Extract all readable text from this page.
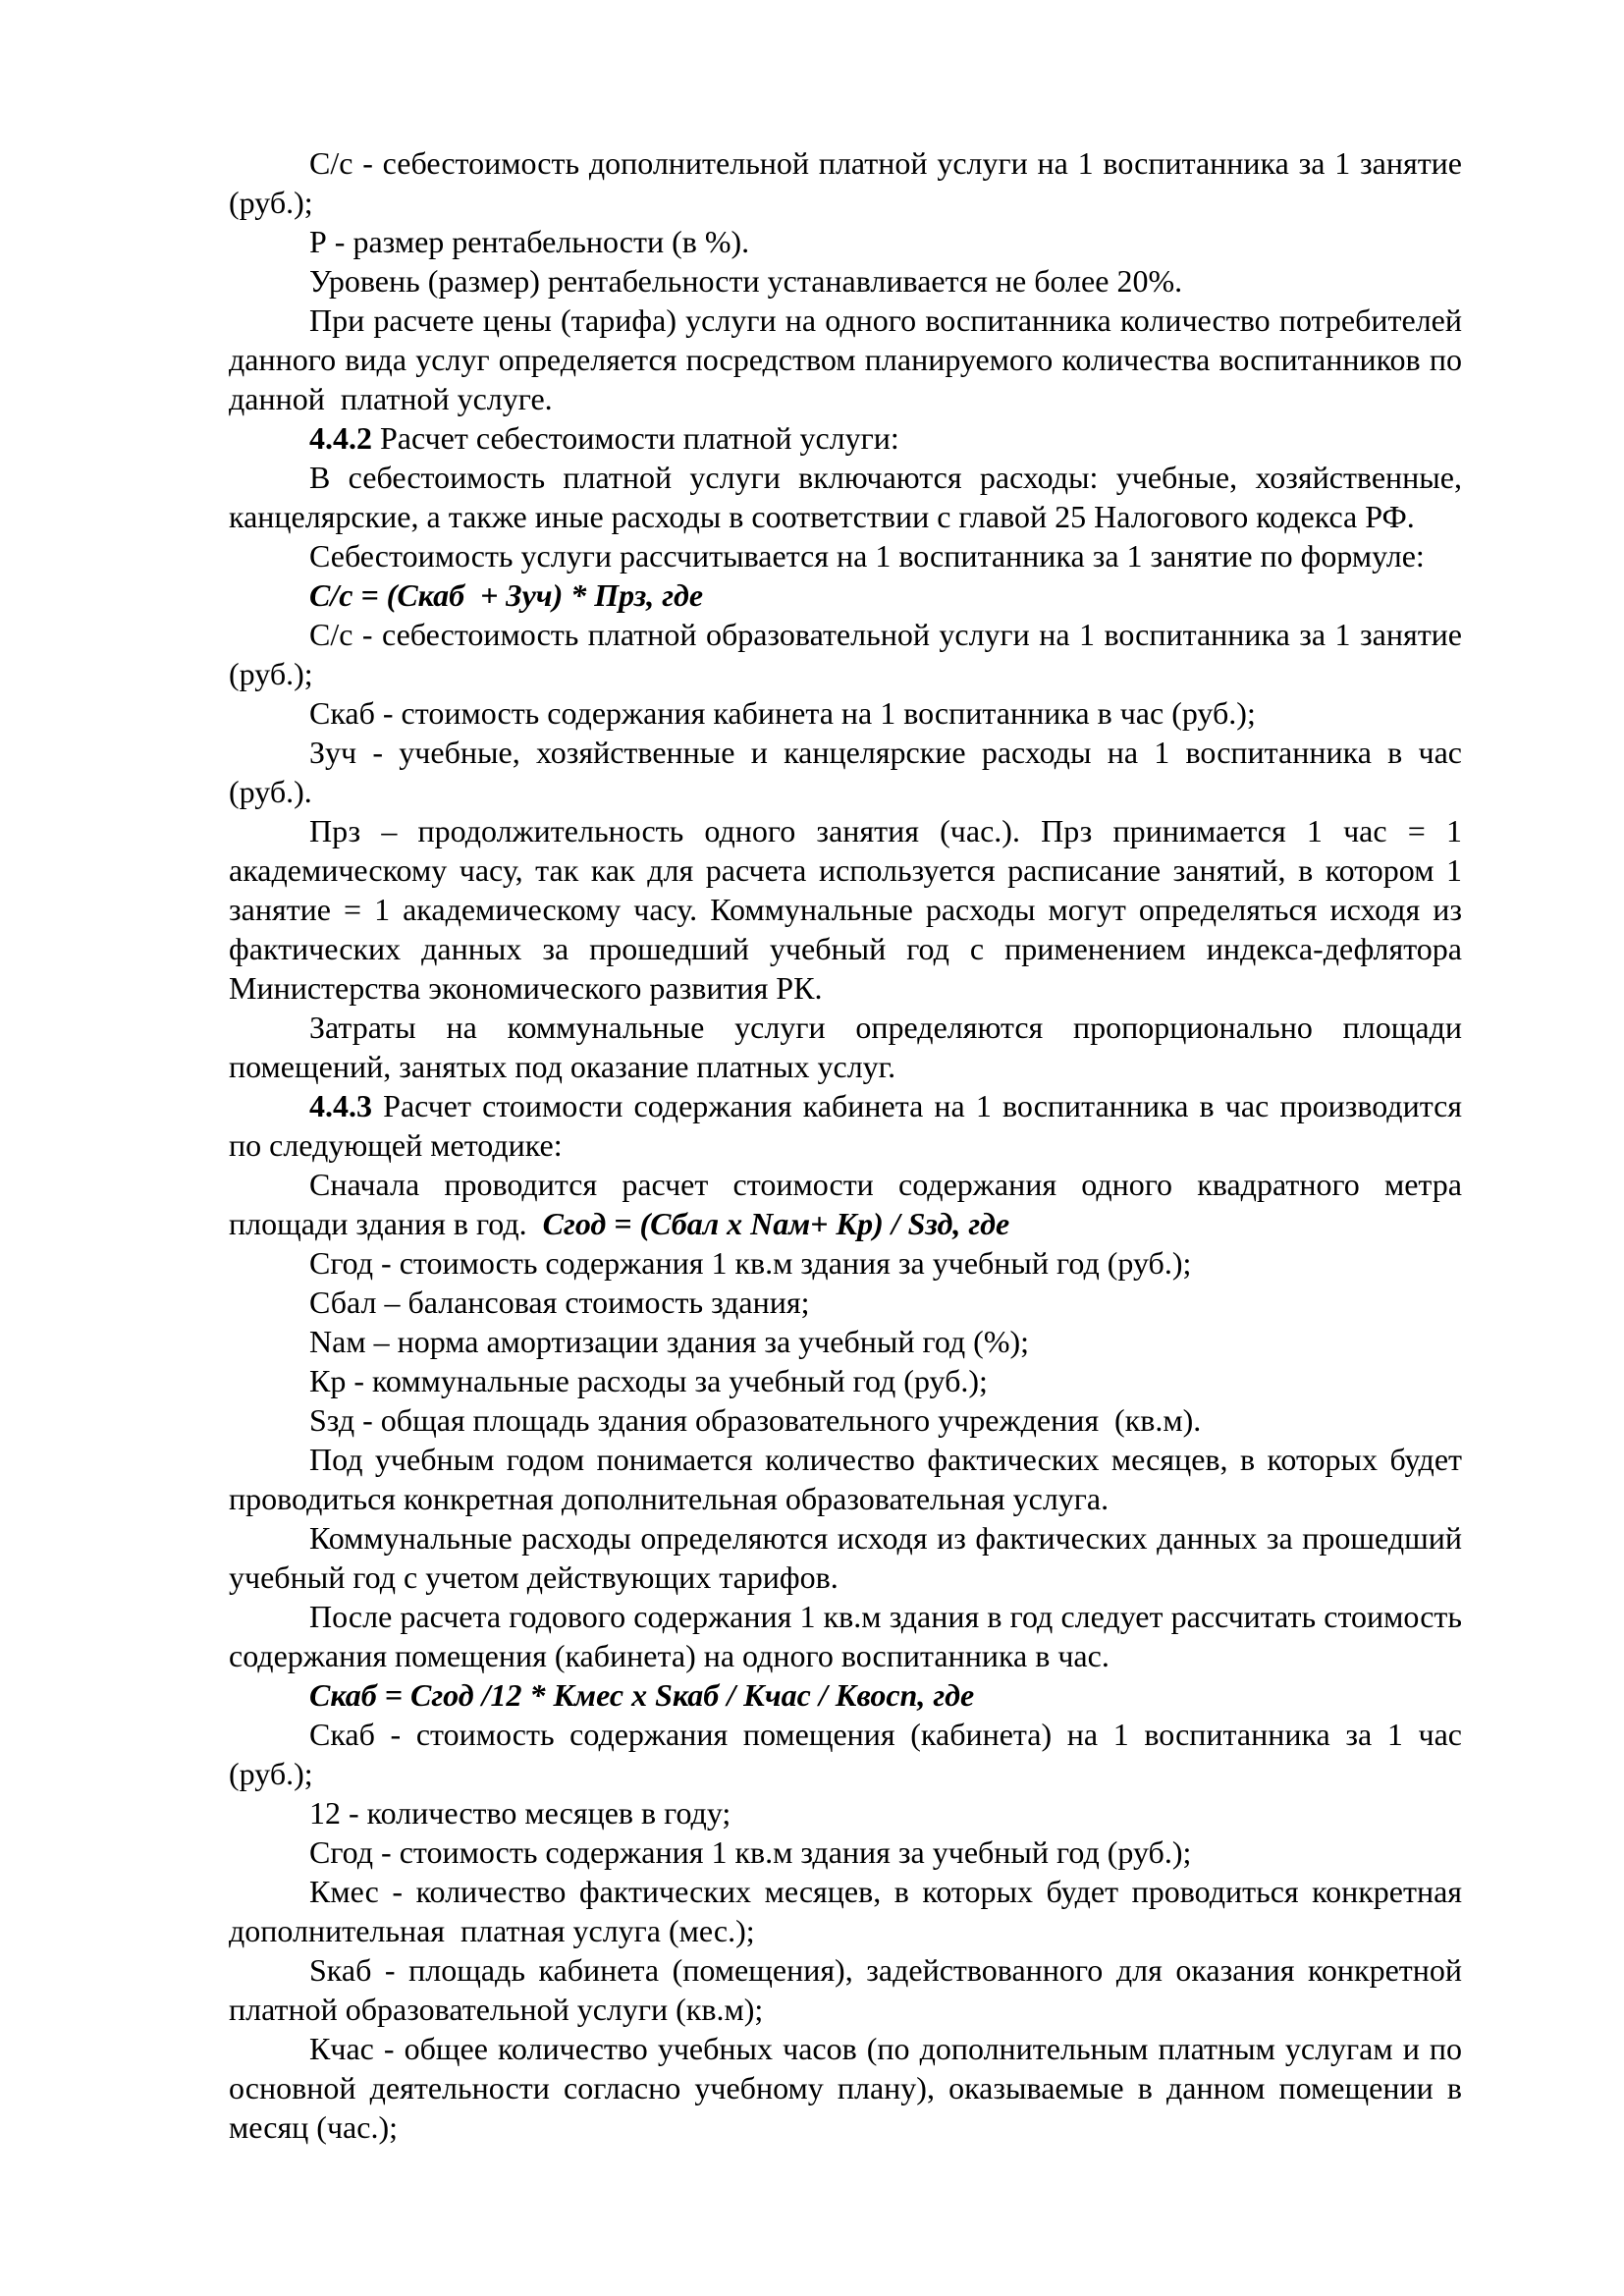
С/с - себестоимость дополнительной платной услуги на 1 воспитанника за 1 занятие (руб.);

Р - размер рентабельности (в %).

Уровень (размер) рентабельности устанавливается не более 20%.

При расчете цены (тарифа) услуги на одного воспитанника количество потребителей данного вида услуг определяется посредством планируемого количества воспитанников по данной  платной услуге.

4.4.2 Расчет себестоимости платной услуги:

В себестоимость платной услуги включаются расходы: учебные, хозяйственные, канцелярские, а также иные расходы в соответствии с главой 25 Налогового кодекса РФ.

Себестоимость услуги рассчитывается на 1 воспитанника за 1 занятие по формуле:

С/с = (Скаб  + Зуч) * Прз, где

С/с - себестоимость платной образовательной услуги на 1 воспитанника за 1 занятие (руб.);

Скаб - стоимость содержания кабинета на 1 воспитанника в час (руб.);

Зуч - учебные, хозяйственные и канцелярские расходы на 1 воспитанника в час (руб.).

Прз – продолжительность одного занятия (час.). Прз принимается 1 час = 1 академическому часу, так как для расчета используется расписание занятий, в котором 1 занятие = 1 академическому часу. Коммунальные расходы могут определяться исходя из фактических данных за прошедший учебный год с применением индекса-дефлятора Министерства экономического развития РК.

Затраты на коммунальные услуги определяются пропорционально площади помещений, занятых под оказание платных услуг.

4.4.3 Расчет стоимости содержания кабинета на 1 воспитанника в час производится по следующей методике:

Сначала проводится расчет стоимости содержания одного квадратного метра площади здания в год.  Сгод = (Сбал х Nам+ Кр) / Sзд, где

Сгод - стоимость содержания 1 кв.м здания за учебный год (руб.);

Сбал – балансовая стоимость здания;

Nам – норма амортизации здания за учебный год (%);

Кр - коммунальные расходы за учебный год (руб.);

Sзд - общая площадь здания образовательного учреждения  (кв.м).

Под учебным годом понимается количество фактических месяцев, в которых будет проводиться конкретная дополнительная образовательная услуга.

Коммунальные расходы определяются исходя из фактических данных за прошедший учебный год с учетом действующих тарифов.

После расчета годового содержания 1 кв.м здания в год следует рассчитать стоимость содержания помещения (кабинета) на одного воспитанника в час.

Скаб = Сгод /12 * Кмес х Sкаб / Кчас / Квосп, где

Скаб - стоимость содержания помещения (кабинета) на 1 воспитанника за 1 час (руб.);

12 - количество месяцев в году;

Сгод - стоимость содержания 1 кв.м здания за учебный год (руб.);

Кмес - количество фактических месяцев, в которых будет проводиться конкретная дополнительная  платная услуга (мес.);

Sкаб - площадь кабинета (помещения), задействованного для оказания конкретной платной образовательной услуги (кв.м);

Кчас - общее количество учебных часов (по дополнительным платным услугам и по основной деятельности согласно учебному плану), оказываемые в данном помещении в месяц (час.);
